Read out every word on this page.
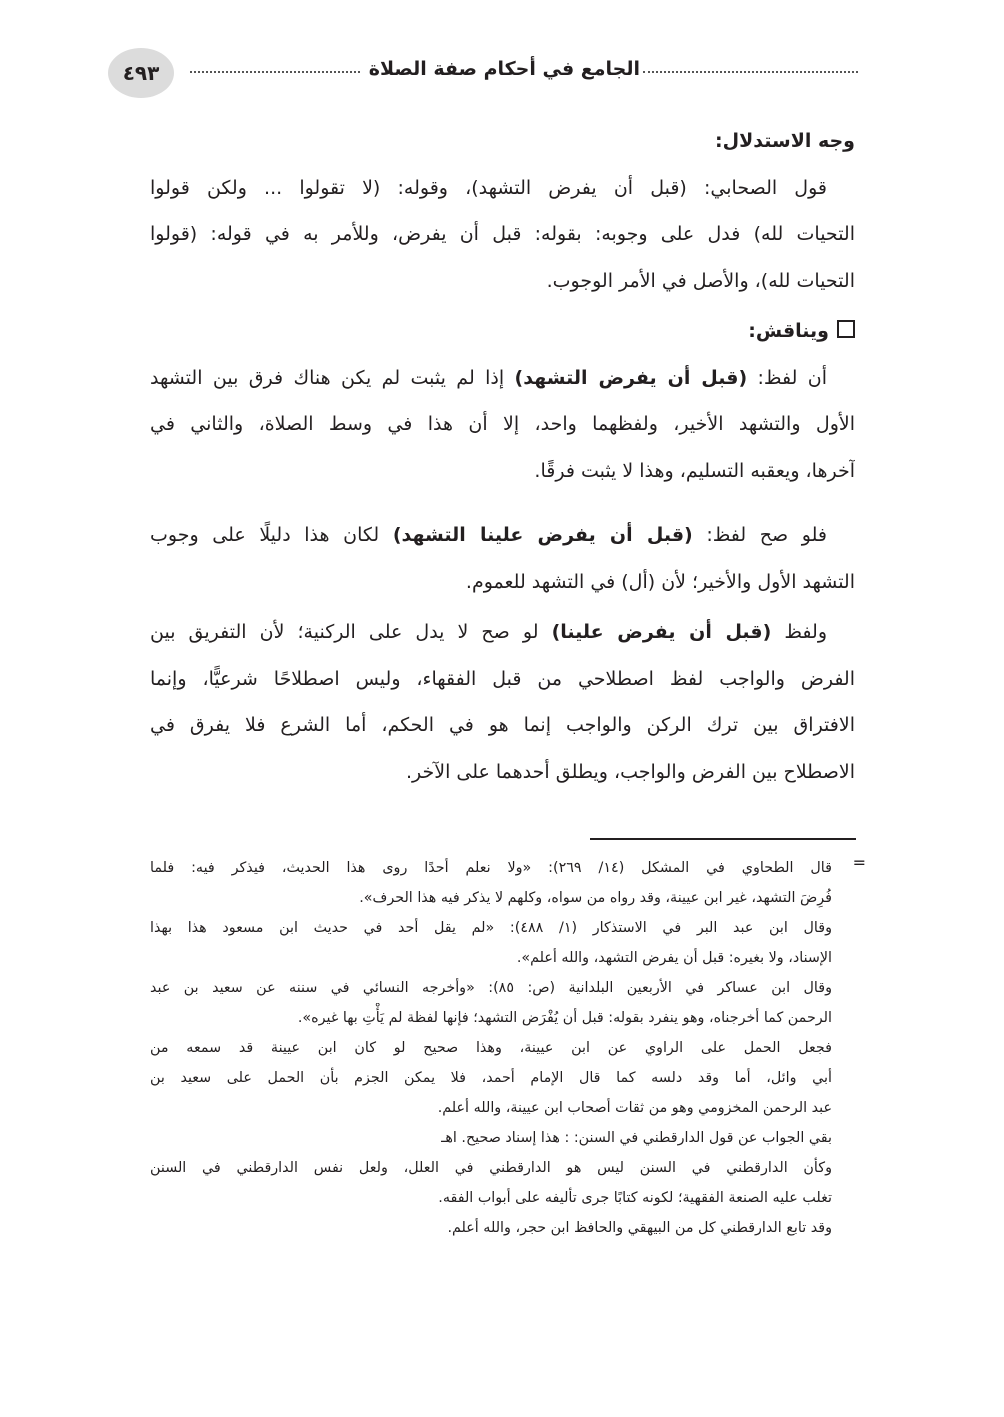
٤٩٣	الجامع في أحكام صفة الصلاة
وجه الاستدلال:
قول الصحابي: (قبل أن يفرض التشهد)، وقوله: (لا تقولوا ... ولكن قولوا
التحيات لله) فدل على وجوبه: بقوله: قبل أن يفرض، وللأمر به في قوله: (قولوا
التحيات لله)، والأصل في الأمر الوجوب.
ويناقش:
أن لفظ: (قبل أن يفرض التشهد) إذا لم يثبت لم يكن هناك فرق بين التشهد
الأول والتشهد الأخير، ولفظهما واحد، إلا أن هذا في وسط الصلاة، والثاني في
آخرها، ويعقبه التسليم، وهذا لا يثبت فرقًا.
فلو صح لفظ: (قبل أن يفرض علينا التشهد) لكان هذا دليلًا على وجوب
التشهد الأول والأخير؛ لأن (أل) في التشهد للعموم.
ولفظ (قبل أن يفرض علينا) لو صح لا يدل على الركنية؛ لأن التفريق بين
الفرض والواجب لفظ اصطلاحي من قبل الفقهاء، وليس اصطلاحًا شرعيًّا، وإنما
الافتراق بين ترك الركن والواجب إنما هو في الحكم، أما الشرع فلا يفرق في
الاصطلاح بين الفرض والواجب، ويطلق أحدهما على الآخر.
=
قال الطحاوي في المشكل (١٤/ ٢٦٩): «ولا نعلم أحدًا روى هذا الحديث، فيذكر فيه: فلما
فُرِضَ التشهد، غير ابن عيينة، وقد رواه من سواه، وكلهم لا يذكر فيه هذا الحرف».
وقال ابن عبد البر في الاستذكار (١/ ٤٨٨): «لم يقل أحد في حديث ابن مسعود هذا بهذا
الإسناد، ولا بغيره: قبل أن يفرض التشهد، والله أعلم».
وقال ابن عساكر في الأربعين البلدانية (ص: ٨٥): «وأخرجه النسائي في سننه عن سعيد بن عبد
الرحمن كما أخرجناه، وهو ينفرد بقوله: قبل أن يُفْرَض التشهد؛ فإنها لفظة لم يَأْتِ بها غيره».
فجعل الحمل على الراوي عن ابن عيينة، وهذا صحيح لو كان ابن عيينة قد سمعه من
أبي وائل، أما وقد دلسه كما قال الإمام أحمد، فلا يمكن الجزم بأن الحمل على سعيد بن
عبد الرحمن المخزومي وهو من ثقات أصحاب ابن عيينة، والله أعلم.
بقي الجواب عن قول الدارقطني في السنن: : هذا إسناد صحيح. اهـ
وكأن الدارقطني في السنن ليس هو الدارقطني في العلل، ولعل نفس الدارقطني في السنن
تغلب عليه الصنعة الفقهية؛ لكونه كتابًا جرى تأليفه على أبواب الفقه.
وقد تابع الدارقطني كل من البيهقي والحافظ ابن حجر، والله أعلم.
